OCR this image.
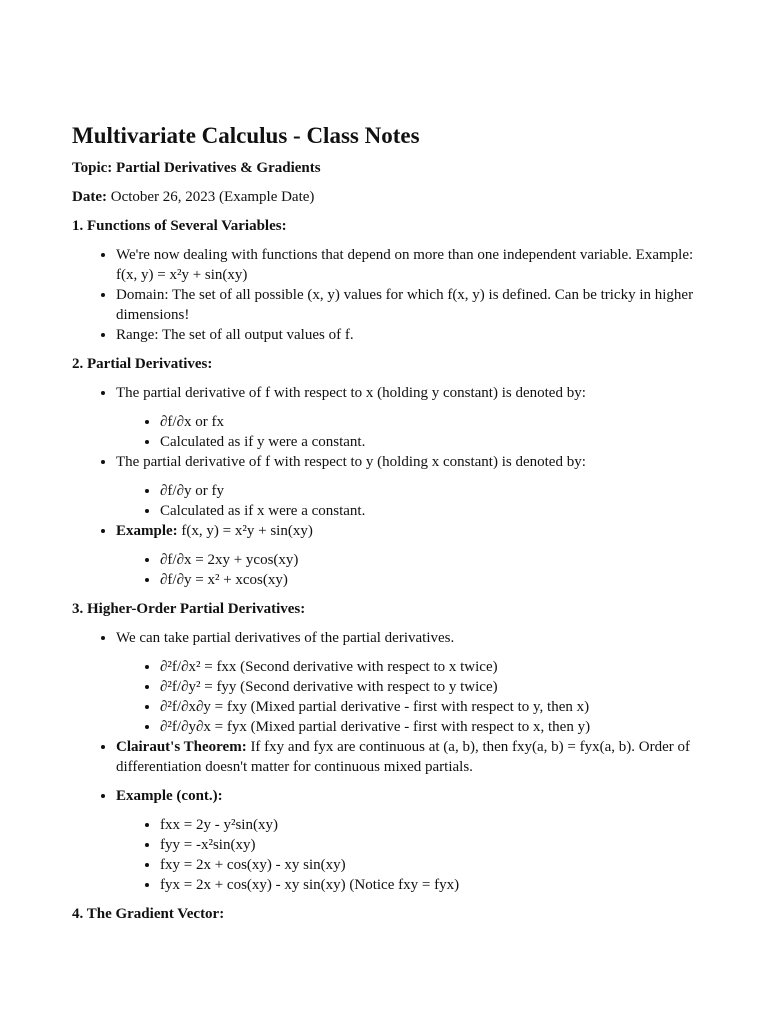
Multivariate Calculus - Class Notes

Topic: Partial Derivatives & Gradients

Date: October 26, 2023 (Example Date)

1. Functions of Several Variables:

• We're now dealing with functions that depend on more than one independent variable. Example: f(x, y) = x²y + sin(xy)
• Domain: The set of all possible (x, y) values for which f(x, y) is defined. Can be tricky in higher dimensions!
• Range: The set of all output values of f.

2. Partial Derivatives:

• The partial derivative of f with respect to x (holding y constant) is denoted by:
• ∂f/∂x or fx
• Calculated as if y were a constant.
• The partial derivative of f with respect to y (holding x constant) is denoted by:
• ∂f/∂y or fy
• Calculated as if x were a constant.
• Example: f(x, y) = x²y + sin(xy)
• ∂f/∂x = 2xy + ycos(xy)
• ∂f/∂y = x² + xcos(xy)

3. Higher-Order Partial Derivatives:

• We can take partial derivatives of the partial derivatives.
• ∂²f/∂x² = fxx (Second derivative with respect to x twice)
• ∂²f/∂y² = fyy (Second derivative with respect to y twice)
• ∂²f/∂x∂y = fxy (Mixed partial derivative - first with respect to y, then x)
• ∂²f/∂y∂x = fyx (Mixed partial derivative - first with respect to x, then y)
• Clairaut's Theorem: If fxy and fyx are continuous at (a, b), then fxy(a, b) = fyx(a, b). Order of differentiation doesn't matter for continuous mixed partials.
• Example (cont.):
• fxx = 2y - y²sin(xy)
• fyy = -x²sin(xy)
• fxy = 2x + cos(xy) - xy sin(xy)
• fyx = 2x + cos(xy) - xy sin(xy) (Notice fxy = fyx)

4. The Gradient Vector:
